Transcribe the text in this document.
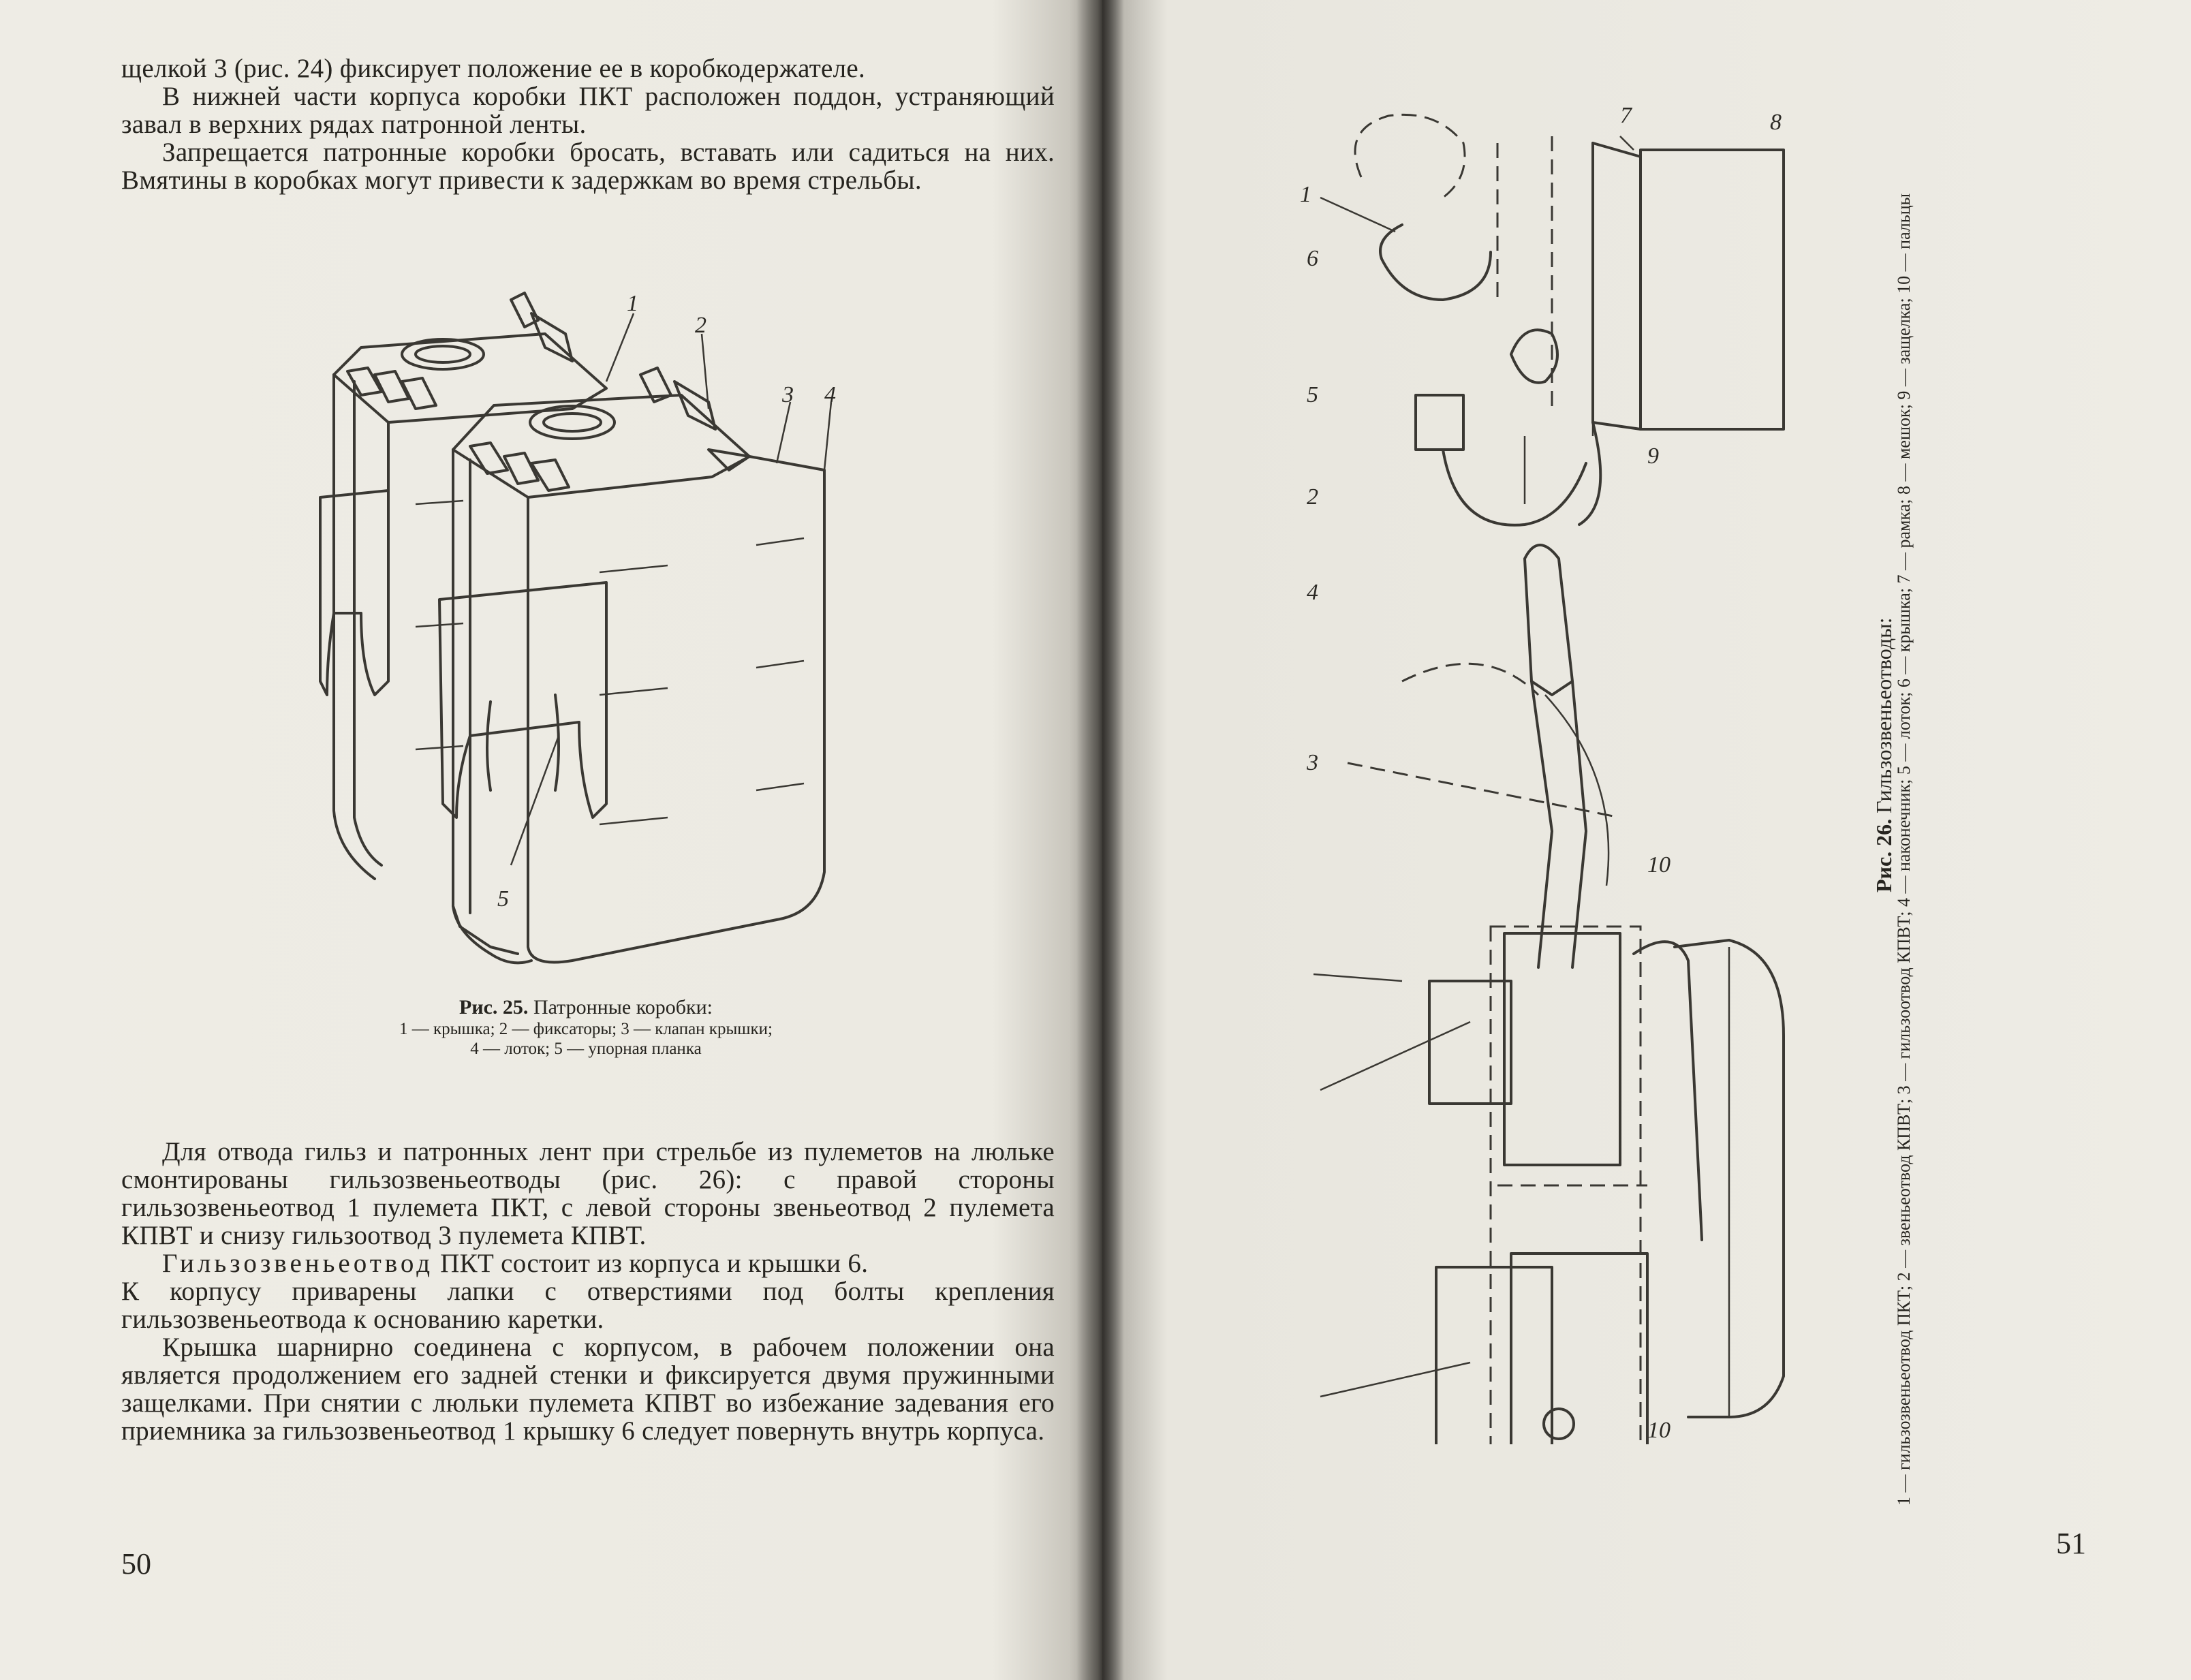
щелкой 3 (рис. 24) фиксирует положение ее в коробкодержателе.

В нижней части корпуса коробки ПКТ расположен поддон, устраняющий завал в верхних рядах патронной ленты.

Запрещается патронные коробки бросать, вставать или садиться на них. Вмятины в коробках могут привести к задержкам во время стрельбы.

1
2
3 4
5
Рис. 25. Патронные коробки:
1 — крышка; 2 — фиксаторы; 3 — клапан крышки;
4 — лоток; 5 — упорная планка

Для отвода гильз и патронных лент при стрельбе из пулеметов на люльке смонтированы гильзозвеньеотводы (рис. 26): с правой стороны гильзозвеньеотвод 1 пулемета ПКТ, с левой стороны звеньеотвод 2 пулемета КПВТ и снизу гильзоотвод 3 пулемета КПВТ.

Гильзозвеньеотвод ПКТ состоит из корпуса и крышки 6.

К корпусу приварены лапки с отверстиями под болты крепления гильзозвеньеотвода к основанию каретки.

Крышка шарнирно соединена с корпусом, в рабочем положении она является продолжением его задней стенки и фиксируется двумя пружинными защелками. При снятии с люльки пулемета КПВТ во избежание задевания его приемника за гильзозвеньеотвод 1 крышку 6 следует повернуть внутрь корпуса.

50
1
5
2
4
3
6
7	8
9
10
10
51
Рис. 26. Гильзозвеньеотводы:
1 — гильзозвеньеотвод ПКТ; 2 — звеньеотвод КПВТ; 3 — гильзоотвод КПВТ; 4 — наконечник; 5 — лоток; 6 — крышка; 7 — рамка; 8 — мешок; 9 — защелка; 10 — пальцы
